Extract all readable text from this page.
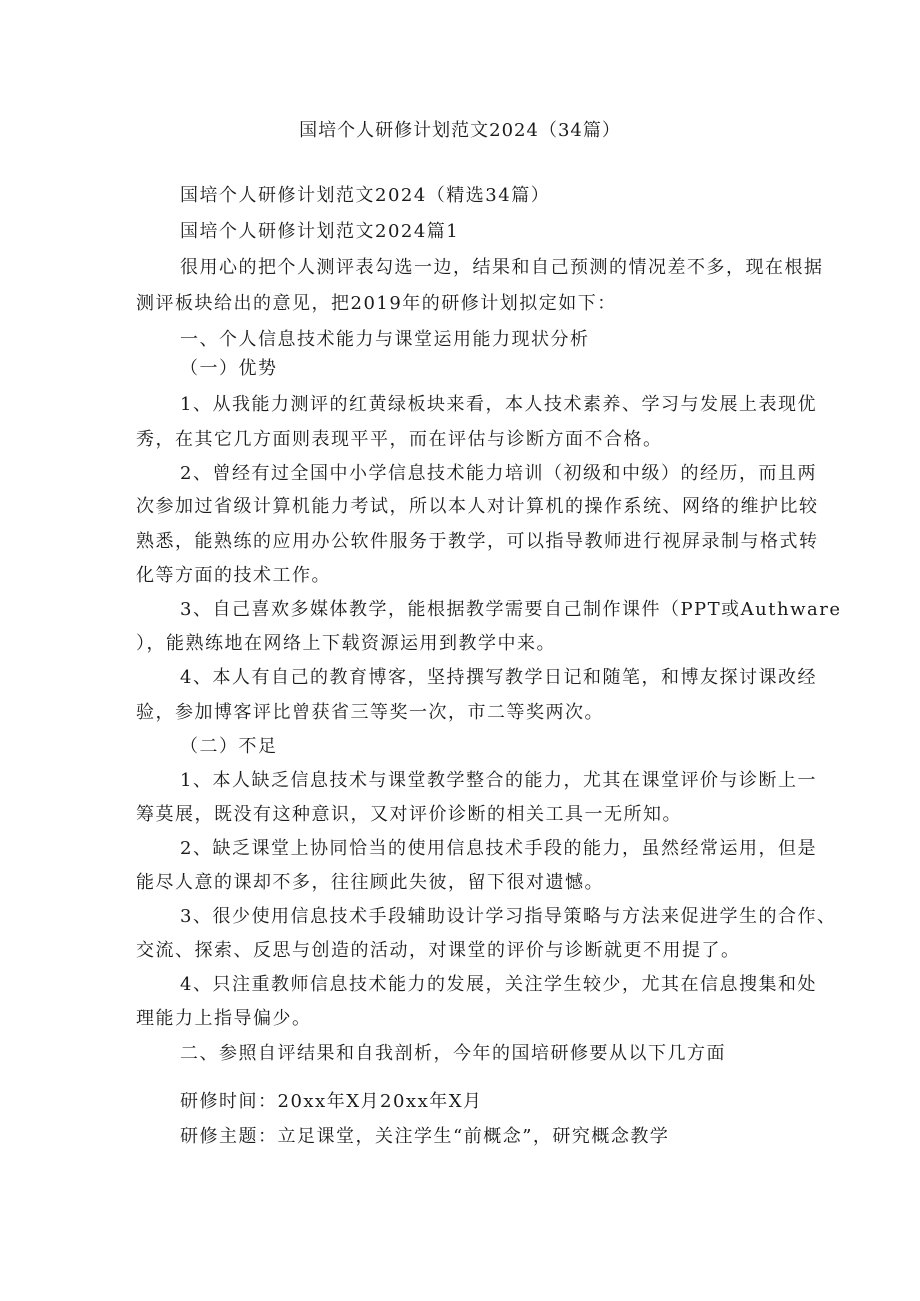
国培个人研修计划范文2024（34篇）
国培个人研修计划范文2024（精选34篇）
国培个人研修计划范文2024篇1
很用心的把个人测评表勾选一边，结果和自己预测的情况差不多，现在根据
测评板块给出的意见，把2019年的研修计划拟定如下：
一、个人信息技术能力与课堂运用能力现状分析
（一）优势
1、从我能力测评的红黄绿板块来看，本人技术素养、学习与发展上表现优
秀，在其它几方面则表现平平，而在评估与诊断方面不合格。
2、曾经有过全国中小学信息技术能力培训（初级和中级）的经历，而且两
次参加过省级计算机能力考试，所以本人对计算机的操作系统、网络的维护比较
熟悉，能熟练的应用办公软件服务于教学，可以指导教师进行视屏录制与格式转
化等方面的技术工作。
3、自己喜欢多媒体教学，能根据教学需要自己制作课件（PPT或Authware
），能熟练地在网络上下载资源运用到教学中来。
4、本人有自己的教育博客，坚持撰写教学日记和随笔，和博友探讨课改经
验，参加博客评比曾获省三等奖一次，市二等奖两次。
（二）不足
1、本人缺乏信息技术与课堂教学整合的能力，尤其在课堂评价与诊断上一
筹莫展，既没有这种意识，又对评价诊断的相关工具一无所知。
2、缺乏课堂上协同恰当的使用信息技术手段的能力，虽然经常运用，但是
能尽人意的课却不多，往往顾此失彼，留下很对遗憾。
3、很少使用信息技术手段辅助设计学习指导策略与方法来促进学生的合作、
交流、探索、反思与创造的活动，对课堂的评价与诊断就更不用提了。
4、只注重教师信息技术能力的发展，关注学生较少，尤其在信息搜集和处
理能力上指导偏少。
二、参照自评结果和自我剖析，今年的国培研修要从以下几方面
研修时间：20xx年X月20xx年X月
研修主题：立足课堂，关注学生“前概念”，研究概念教学
